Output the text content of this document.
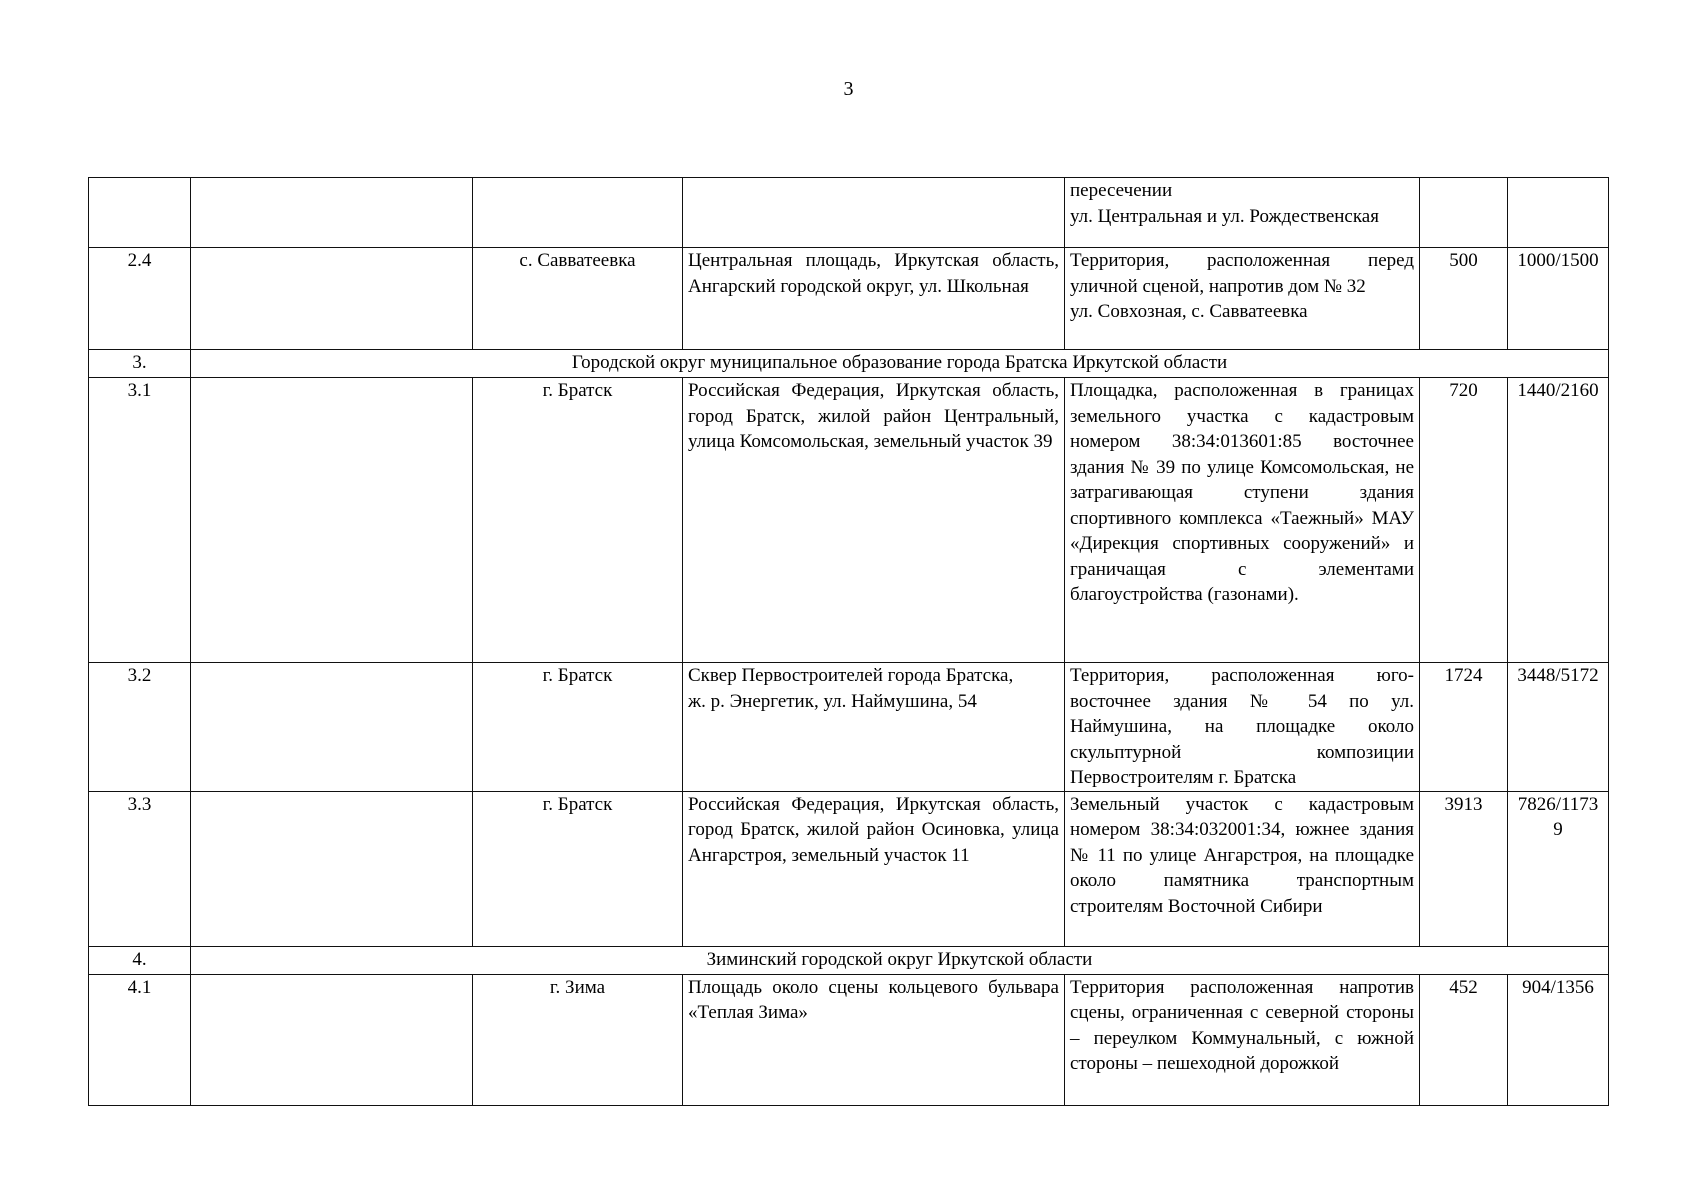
3
				пересечении
ул. Центральная и ул. Рождественская		
2.4		с. Савватеевка	Центральная площадь, Иркутская область, Ангарский городской округ, ул. Школьная	Территория, расположенная перед уличной сценой, напротив дом № 32
ул. Совхозная, с. Савватеевка	500	1000/1500
3.	Городской округ муниципальное образование города Братска Иркутской области					
3.1		г. Братск	Российская Федерация, Иркутская область, город Братск, жилой район Центральный, улица Комсомольская, земельный участок 39	Площадка, расположенная в границах земельного участка с кадастровым номером 38:34:013601:85 восточнее здания № 39 по улице Комсомольская, не затрагивающая ступени здания спортивного комплекса «Таежный» МАУ «Дирекция спортивных сооружений» и граничащая с элементами благоустройства (газонами).	720	1440/2160
3.2		г. Братск	Сквер Первостроителей города Братска,
ж. р. Энергетик, ул. Наймушина, 54	Территория, расположенная юго-восточнее здания № 54 по ул. Наймушина, на площадке около скульптурной композиции Первостроителям г. Братска	1724	3448/5172
3.3		г. Братск	Российская Федерация, Иркутская область, город Братск, жилой район Осиновка, улица Ангарстроя, земельный участок 11	Земельный участок с кадастровым номером 38:34:032001:34, южнее здания № 11 по улице Ангарстроя, на площадке около памятника транспортным строителям Восточной Сибири	3913	7826/11739
4.	Зиминский городской округ Иркутской области					
4.1		г. Зима	Площадь около сцены кольцевого бульвара «Теплая Зима»	Территория расположенная напротив сцены, ограниченная с северной стороны – переулком Коммунальный, с южной стороны – пешеходной дорожкой	452	904/1356
